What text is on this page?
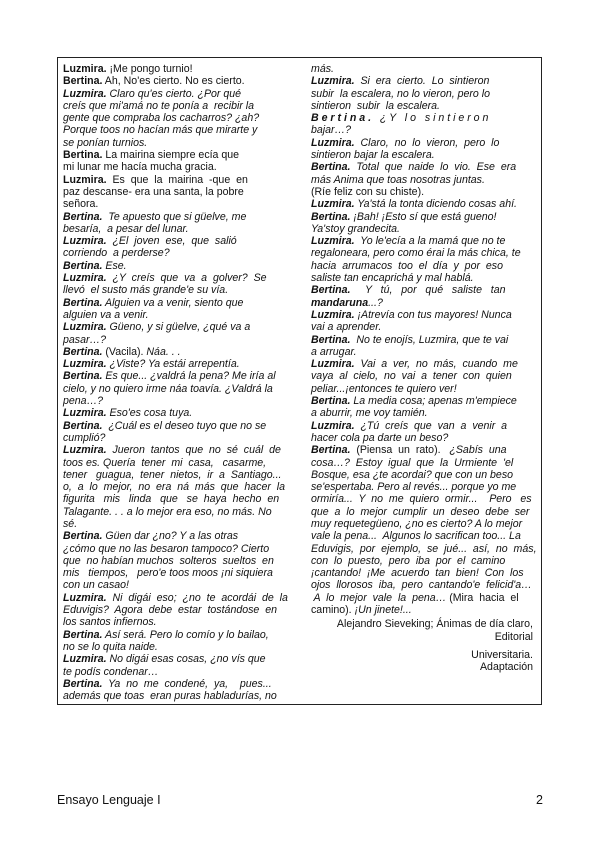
Luzmira. ¡Me pongo turnio!
Bertina. Ah, No'es cierto. No es cierto.
Luzmira. Claro qu'es cierto. ¿Por qué
creís que mi'amá no te ponía a  recibir la
gente que compraba los cacharros? ¿ah?
Porque toos no hacían más que mirarte y
se ponían turnios.
Bertina. La mairina siempre ecía que
mi lunar me hacía mucha gracia.
Luzmira.  Es  que  la  mairina  -que  en
paz descanse- era una santa, la pobre
señora.
Bertina.  Te apuesto que si güelve, me
besaría,  a pesar del lunar.
Luzmira.  ¿El  joven  ese,  que  salió
corriendo  a perderse?
Bertina. Ese.
Luzmira.  ¿Y  creís  que  va  a  golver?  Se
llevó  el susto más grande'e su vía.
Bertina. Alguien va a venir, siento que
alguien va a venir.
Luzmira. Güeno, y si güelve, ¿qué va a
pasar…?
Bertina. (Vacila). Náa. . .
Luzmira. ¿Viste? Ya estái arrepentía.
Bertina. Es que... ¿valdrá la pena? Me iría al
cielo, y no quiero irme náa toavía. ¿Valdrá la
pena…?
Luzmira. Eso'es cosa tuya.
Bertina.  ¿Cuál es el deseo tuyo que no se
cumplió?
Luzmira.  Jueron  tantos  que  no  sé  cuál  de
toos es. Quería  tener  mi  casa,   casarme,
tener   guagua,  tener  nietos,  ir  a  Santiago...
o,  a  lo  mejor,  no  era  ná  más  que  hacer  la
figurita   mis   linda   que   se  haya  hecho  en
Talagante. . . a lo mejor era eso, no más. No
sé.
Bertina. Güen dar ¿no? Y a las otras
¿cómo que no las besaron tampoco? Cierto
que  no habían muchos  solteros  sueltos  en
mis   tiempos,   pero'e toos moos ¡ni siquiera
con un casao!
Luzmira.  Ni  digái  eso;  ¿no  te  acordái  de  la
Eduvigis?  Agora  debe  estar  tostándose  en
los santos infiernos.
Bertina. Así será. Pero lo comío y lo bailao,
no se lo quita naide.
Luzmira. No digái esas cosas, ¿no vís que
te podís condenar…
Bertina.  Ya  no  me  condené,  ya,    pues...
además que toas  eran puras habladurías, no
más.
Luzmira.  Si  era  cierto.  Lo  sintieron
subir  la escalera, no lo vieron, pero lo
sintieron  subir  la escalera.
B e r t i n a .   ¿ Y   l o   s i n t i e r o n
bajar…?
Luzmira.  Claro,  no  lo  vieron,  pero  lo
sintieron bajar la escalera.
Bertina.  Total  que  naide  lo  vio.  Ese  era
más Anima que toas nosotras juntas.
(Ríe feliz con su chiste).
Luzmira. Ya'stá la tonta diciendo cosas ahí.
Bertina. ¡Bah! ¡Esto sí que está gueno!
Ya'stoy grandecita.
Luzmira.  Yo le'ecía a la mamá que no te
regaloneara, pero como érai la más chica, te
hacia  arrumacos  too  el  día  y  por  eso
saliste tan encaprichá y mal hablá.
Bertina.     Y   tú,   por   qué   saliste   tan
mandaruna...?
Luzmira. ¡Atrevía con tus mayores! Nunca
vai a aprender.
Bertina.  No te enojís, Luzmira, que te vai
a arrugar.
Luzmira.  Vai  a  ver,  no  más,  cuando  me
vaya  al  cielo,  no  vai  a  tener  con  quien
peliar...¡entonces te quiero ver!
Bertina. La media cosa; apenas m'empiece
a aburrir, me voy tamién.
Luzmira.  ¿Tú  creís  que  van  a  venir  a
hacer cola pa darte un beso?
Bertina.  (Piensa  un  rato).   ¿Sabís  una
cosa…?  Estoy  igual  que  la  Urmiente  'el
Bosque, esa ¿te acordai? que con un beso
se'espertaba. Pero al revés... porque yo me
ormiría...  Y  no  me  quiero  ormir...    Pero   es
que  a  lo  mejor  cumplir  un  deseo  debe  ser
muy requetegüeno, ¿no es cierto? A lo mejor
vale la pena...  Algunos lo sacrifican too... La
Eduvigis,  por  ejemplo,  se  jué...  así,  no  más,
con  lo  puesto,  pero  iba  por  el  camino
¡cantando!  ¡Me  acuerdo  tan  bien!  Con  los
ojos  llorosos  iba,  pero  cantando'e  felicid'a…
A  lo  mejor  vale  la  pena… (Mira  hacia  el
camino). ¡Un jinete!...
Alejandro Sieveking; Ánimas de día claro,
Editorial
Universitaria.
Adaptación
Ensayo Lenguaje I	2
